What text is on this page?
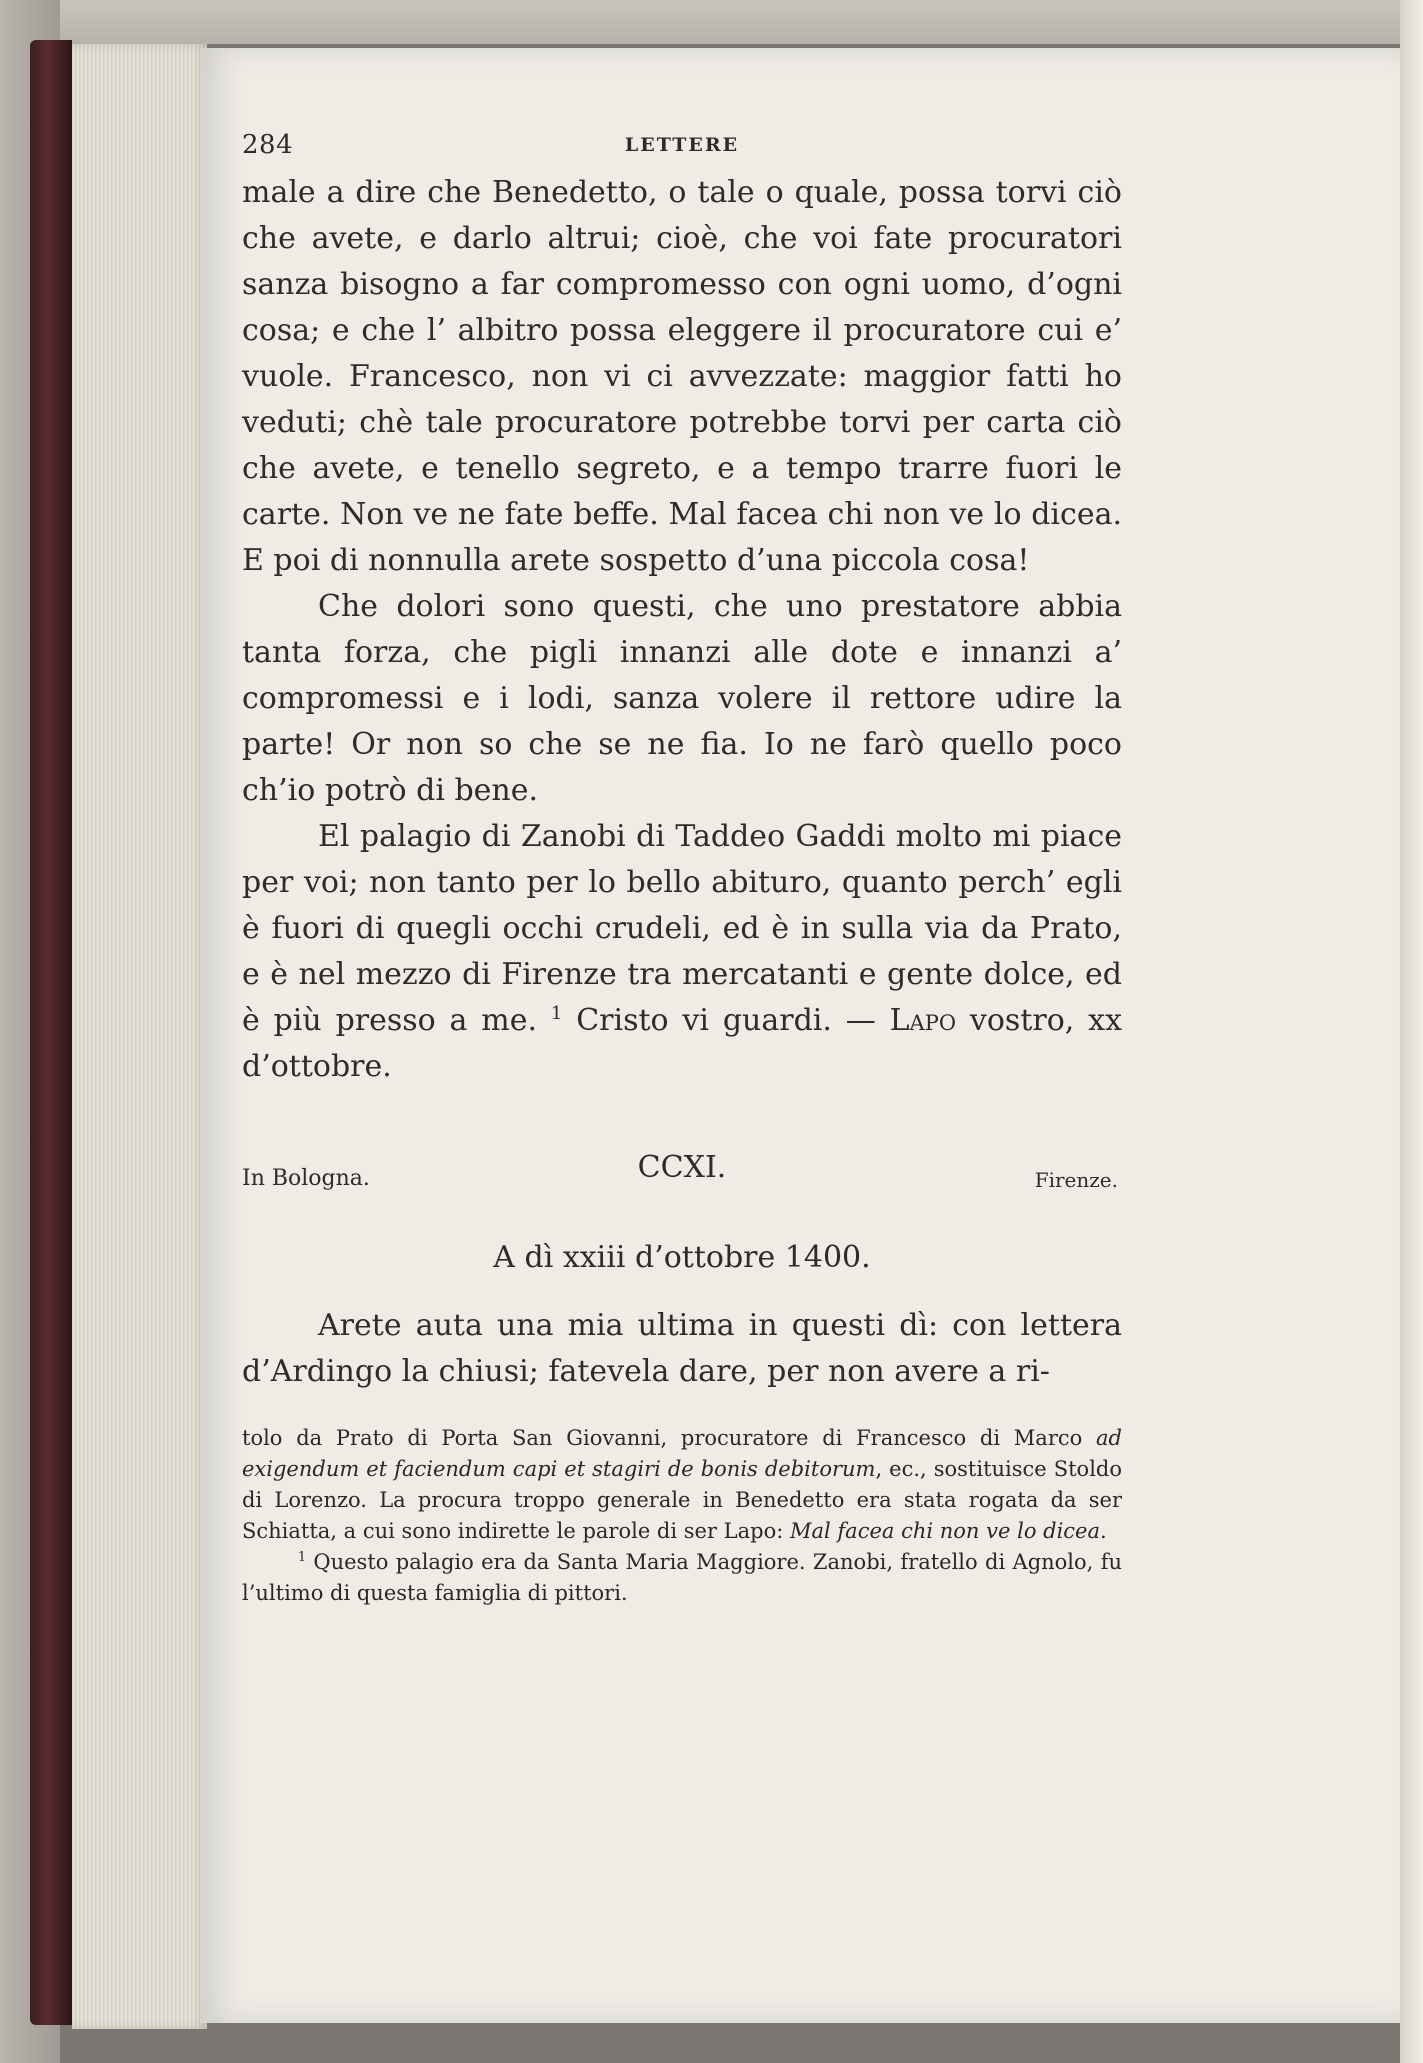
284	LETTERE

male a dire che Benedetto, o tale o quale, possa torvi ciò che avete, e darlo altrui; cioè, che voi fate procuratori sanza bisogno a far compromesso con ogni uomo, d’ogni cosa; e che l’ albitro possa eleggere il procuratore cui e’ vuole. Francesco, non vi ci avvezzate: maggior fatti ho veduti; chè tale procuratore potrebbe torvi per carta ciò che avete, e tenello segreto, e a tempo trarre fuori le carte. Non ve ne fate beffe. Mal facea chi non ve lo dicea. E poi di nonnulla arete sospetto d’una piccola cosa!

Che dolori sono questi, che uno prestatore abbia tanta forza, che pigli innanzi alle dote e innanzi a’ compromessi e i lodi, sanza volere il rettore udire la parte! Or non so che se ne fia. Io ne farò quello poco ch’io potrò di bene.

El palagio di Zanobi di Taddeo Gaddi molto mi piace per voi; non tanto per lo bello abituro, quanto perch’ egli è fuori di quegli occhi crudeli, ed è in sulla via da Prato, e è nel mezzo di Firenze tra mercatanti e gente dolce, ed è più presso a me. $^1$ Cristo vi guardi. — Lapo vostro, xx d’ottobre.

In Bologna.	CCXI.	Firenze.
A dì xxiii d’ottobre 1400.

Arete auta una mia ultima in questi dì: con lettera d’Ardingo la chiusi; fatevela dare, per non avere a ri-

tolo da Prato di Porta San Giovanni, procuratore di Francesco di Marco ad exigendum et faciendum capi et stagiri de bonis debitorum, ec., sostituisce Stoldo di Lorenzo. La procura troppo generale in Benedetto era stata rogata da ser Schiatta, a cui sono indirette le parole di ser Lapo: Mal facea chi non ve lo dicea.

$^1$ Questo palagio era da Santa Maria Maggiore. Zanobi, fratello di Agnolo, fu l’ultimo di questa famiglia di pittori.
